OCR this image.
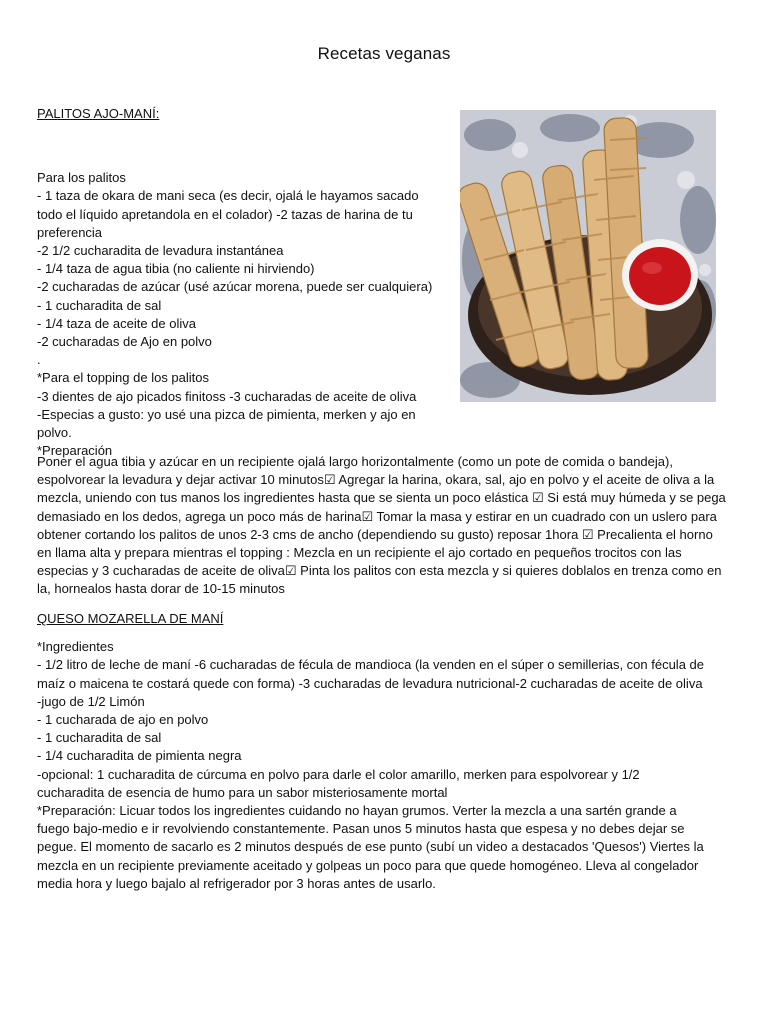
Recetas veganas
PALITOS AJO-MANÍ:
Para los palitos
- 1 taza de okara de mani seca (es decir, ojalá le hayamos sacado
todo el líquido apretandola en el colador) -2 tazas de harina de tu
preferencia
-2 1/2 cucharadita de levadura instantánea
- 1/4 taza de agua tibia (no caliente ni hirviendo)
-2 cucharadas de azúcar (usé azúcar morena, puede ser cualquiera)
- 1 cucharadita de sal
- 1/4 taza de aceite de oliva
-2 cucharadas de Ajo en polvo
.
*Para el topping de los palitos
-3 dientes de ajo picados finitoss -3 cucharadas de aceite de oliva
-Especias a gusto: yo usé una pizca de pimienta, merken y ajo en
polvo.
*Preparación
Poner el agua tibia y azúcar en un recipiente ojalá largo horizontalmente (como un pote de comida o bandeja),
espolvorear la levadura y dejar activar 10 minutos☑ Agregar la harina, okara, sal, ajo en polvo y el aceite de oliva a la
mezcla, uniendo con tus manos los ingredientes hasta que se sienta un poco elástica ☑ Si está muy húmeda y se pega
demasiado en los dedos, agrega un poco más de harina☑ Tomar la masa y estirar en un cuadrado con un uslero para
obtener cortando los palitos de unos 2-3 cms de ancho (dependiendo su gusto) reposar 1hora ☑ Precalienta el horno
en llama alta y prepara mientras el topping : Mezcla en un recipiente el ajo cortado en pequeños trocitos con las
especias y 3 cucharadas de aceite de oliva☑ Pinta los palitos con esta mezcla y si quieres doblalos en trenza como en
la, hornealos hasta dorar de 10-15 minutos
QUESO MOZARELLA DE MANÍ
*Ingredientes
- 1/2 litro de leche de maní -6 cucharadas de fécula de mandioca (la venden en el súper o semillerias, con fécula de
maíz o maicena te costará quede con forma) -3 cucharadas de levadura nutricional-2 cucharadas de aceite de oliva
-jugo de 1/2 Limón
- 1 cucharada de ajo en polvo
- 1 cucharadita de sal
- 1/4 cucharadita de pimienta negra
-opcional: 1 cucharadita de cúrcuma en polvo para darle el color amarillo, merken para espolvorear y 1/2
cucharadita de esencia de humo para un sabor misteriosamente mortal
*Preparación: Licuar todos los ingredientes cuidando no hayan grumos. Verter la mezcla a una sartén grande a
fuego bajo-medio e ir revolviendo constantemente. Pasan unos 5 minutos hasta que espesa y no debes dejar se
pegue. El momento de sacarlo es 2 minutos después de ese punto (subí un video a destacados 'Quesos') Viertes la
mezcla en un recipiente previamente aceitado y golpeas un poco para que quede homogéneo. Lleva al congelador
media hora y luego bajalo al refrigerador por 3 horas antes de usarlo.
